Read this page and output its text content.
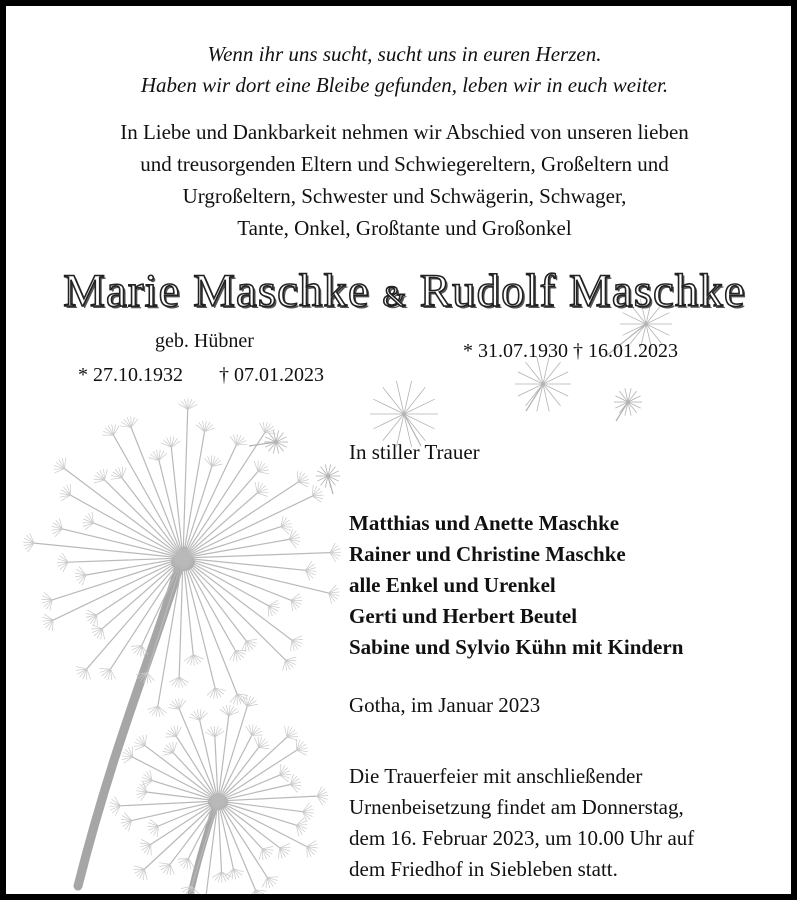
Wenn ihr uns sucht, sucht uns in euren Herzen.
Haben wir dort eine Bleibe gefunden, leben wir in euch weiter.
In Liebe und Dankbarkeit nehmen wir Abschied von unseren lieben
und treusorgenden Eltern und Schwiegereltern, Großeltern und
Urgroßeltern, Schwester und Schwägerin, Schwager,
Tante, Onkel, Großtante und Großonkel
Marie Maschke & Rudolf Maschke
geb. Hübner
* 27.10.1932 † 07.01.2023
* 31.07.1930 † 16.01.2023
In stiller Trauer
Matthias und Anette Maschke
Rainer und Christine Maschke
alle Enkel und Urenkel
Gerti und Herbert Beutel
Sabine und Sylvio Kühn mit Kindern
Gotha, im Januar 2023
Die Trauerfeier mit anschließender
Urnenbeisetzung findet am Donnerstag,
dem 16. Februar 2023, um 10.00 Uhr auf
dem Friedhof in Siebleben statt.
